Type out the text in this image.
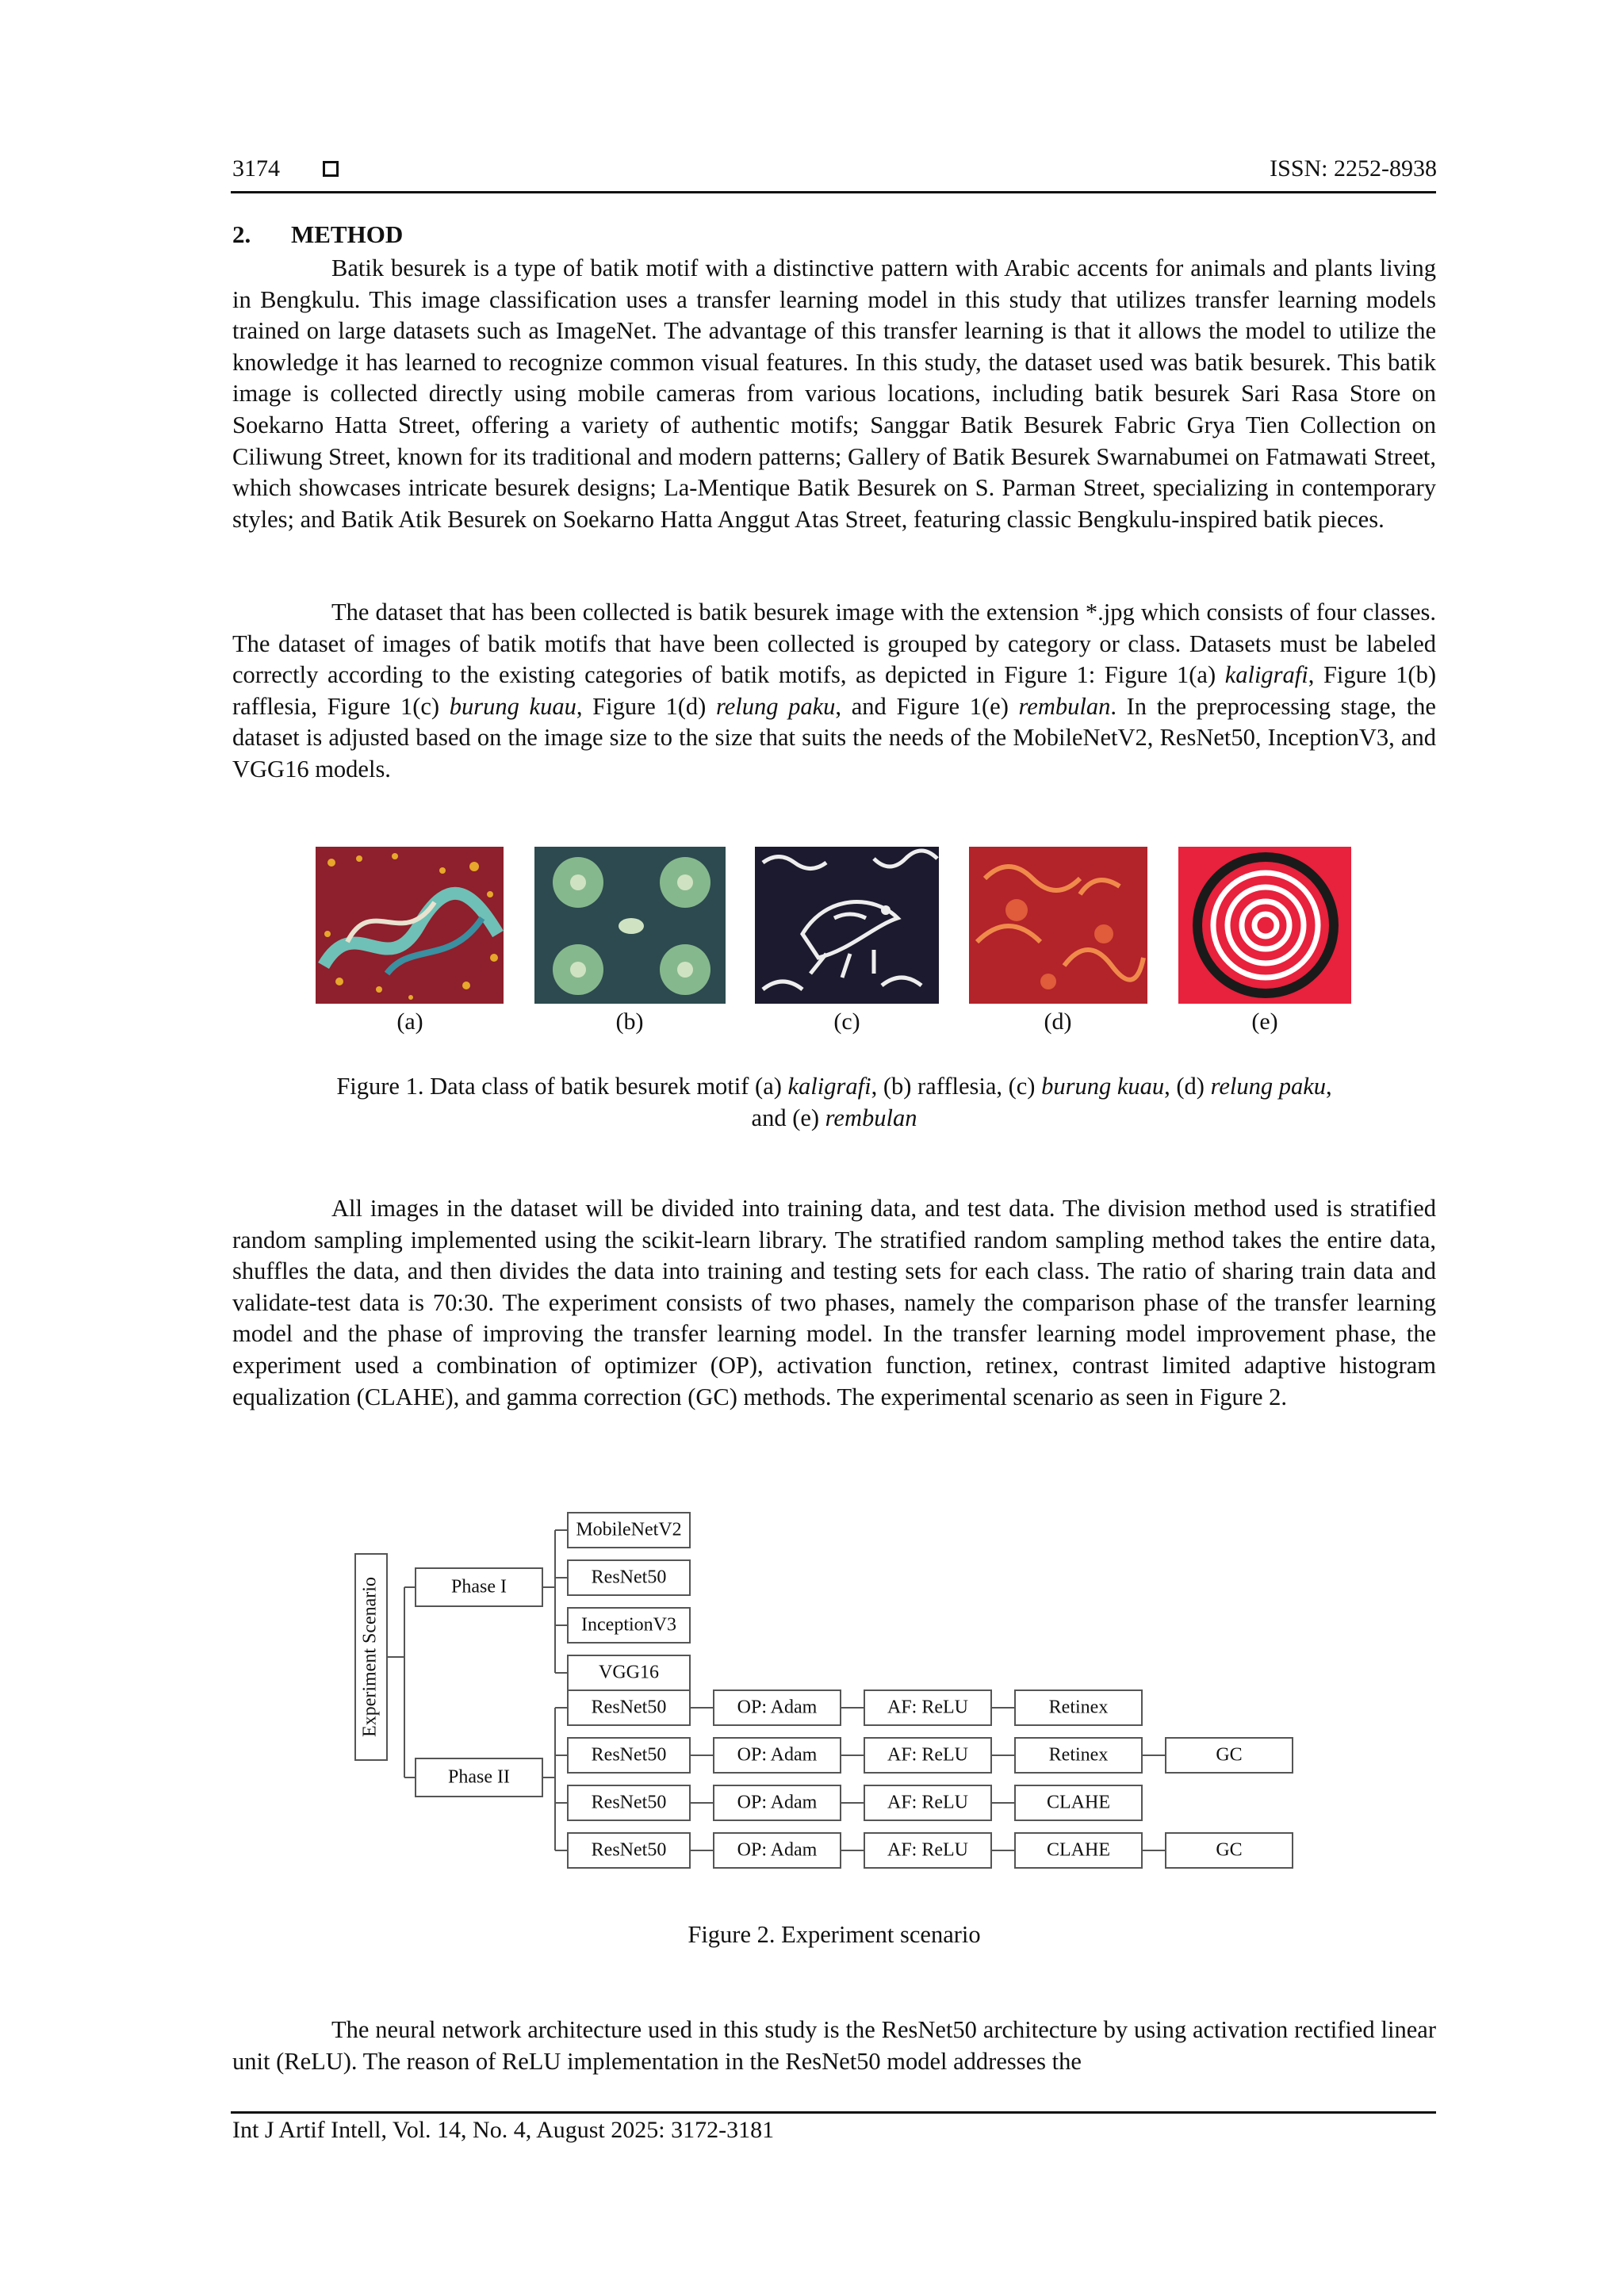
3174	ISSN: 2252-8938
2. METHOD

Batik besurek is a type of batik motif with a distinctive pattern with Arabic accents for animals and plants living in Bengkulu. This image classification uses a transfer learning model in this study that utilizes transfer learning models trained on large datasets such as ImageNet. The advantage of this transfer learning is that it allows the model to utilize the knowledge it has learned to recognize common visual features. In this study, the dataset used was batik besurek. This batik image is collected directly using mobile cameras from various locations, including batik besurek Sari Rasa Store on Soekarno Hatta Street, offering a variety of authentic motifs; Sanggar Batik Besurek Fabric Grya Tien Collection on Ciliwung Street, known for its traditional and modern patterns; Gallery of Batik Besurek Swarnabumei on Fatmawati Street, which showcases intricate besurek designs; La-Mentique Batik Besurek on S. Parman Street, specializing in contemporary styles; and Batik Atik Besurek on Soekarno Hatta Anggut Atas Street, featuring classic Bengkulu-inspired batik pieces.

The dataset that has been collected is batik besurek image with the extension *.jpg which consists of four classes. The dataset of images of batik motifs that have been collected is grouped by category or class. Datasets must be labeled correctly according to the existing categories of batik motifs, as depicted in Figure 1: Figure 1(a) kaligrafi, Figure 1(b) rafflesia, Figure 1(c) burung kuau, Figure 1(d) relung paku, and Figure 1(e) rembulan. In the preprocessing stage, the dataset is adjusted based on the image size to the size that suits the needs of the MobileNetV2, ResNet50, InceptionV3, and VGG16 models.

(a)	(b)	(c)	(d)	(e)
Figure 1. Data class of batik besurek motif (a) kaligrafi, (b) rafflesia, (c) burung kuau, (d) relung paku,
and (e) rembulan

All images in the dataset will be divided into training data, and test data. The division method used is stratified random sampling implemented using the scikit-learn library. The stratified random sampling method takes the entire data, shuffles the data, and then divides the data into training and testing sets for each class. The ratio of sharing train data and validate-test data is 70:30. The experiment consists of two phases, namely the comparison phase of the transfer learning model and the phase of improving the transfer learning model. In the transfer learning model improvement phase, the experiment used a combination of optimizer (OP), activation function, retinex, contrast limited adaptive histogram equalization (CLAHE), and gamma correction (GC) methods. The experimental scenario as seen in Figure 2.

Experiment Scenario	Phase I
Phase II
MobileNetV2
ResNet50
InceptionV3
VGG16
ResNet50	OP: Adam	AF: ReLU	Retinex
ResNet50	OP: Adam	AF: ReLU	Retinex	GC
ResNet50	OP: Adam	AF: ReLU	CLAHE
ResNet50	OP: Adam	AF: ReLU	CLAHE	GC
Figure 2. Experiment scenario

The neural network architecture used in this study is the ResNet50 architecture by using activation rectified linear unit (ReLU). The reason of ReLU implementation in the ResNet50 model addresses the

Int J Artif Intell, Vol. 14, No. 4, August 2025: 3172-3181
